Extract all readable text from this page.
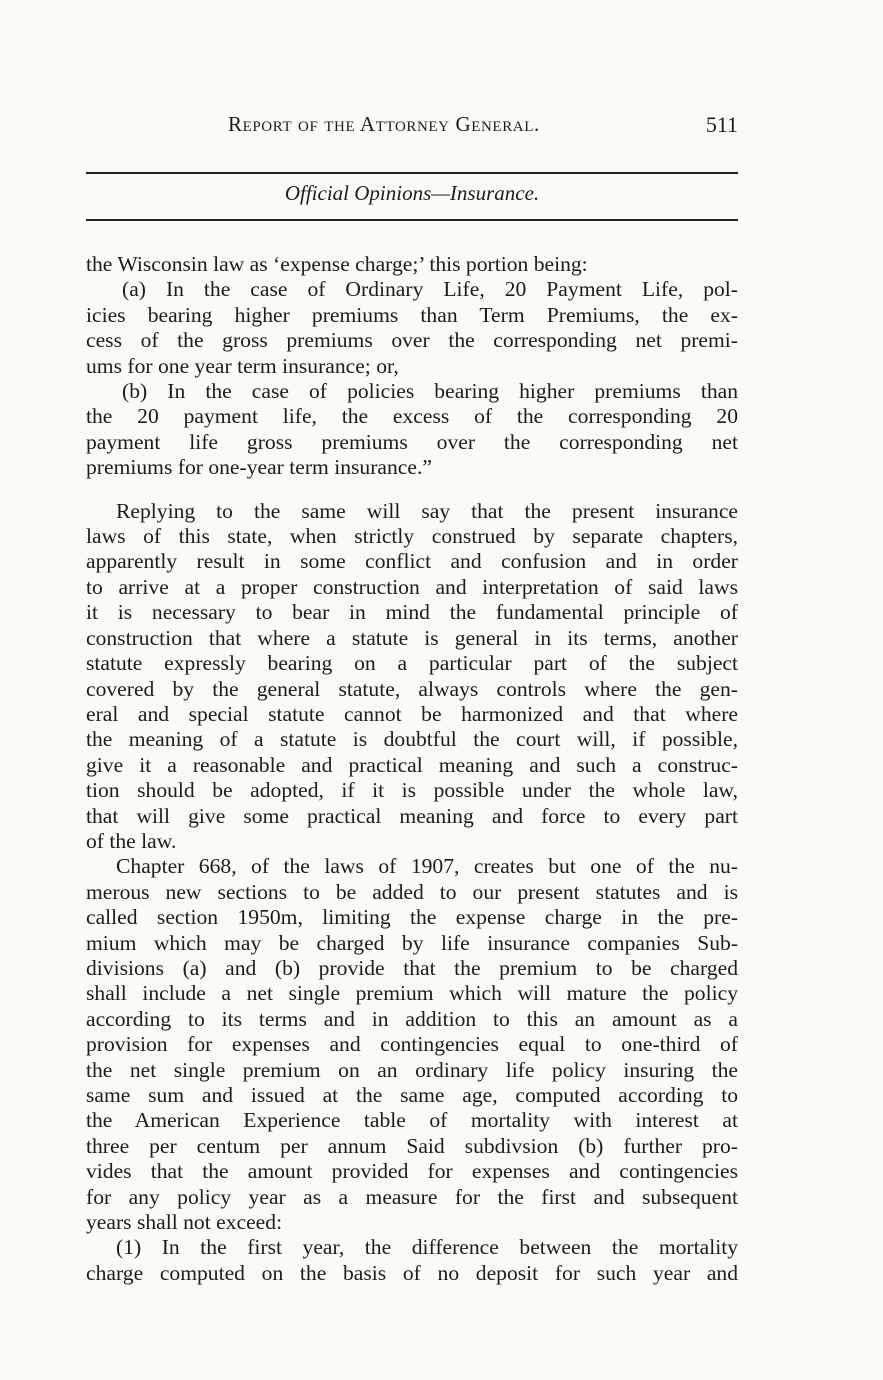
Report of the Attorney General.	511
Official Opinions—Insurance.

the Wisconsin law as ‘expense charge;’ this portion being:
(a) In the case of Ordinary Life, 20 Payment Life, pol-
icies bearing higher premiums than Term Premiums, the ex-
cess of the gross premiums over the corresponding net premi-
ums for one year term insurance; or,
(b) In the case of policies bearing higher premiums than
the 20 payment life, the excess of the corresponding 20
payment life gross premiums over the corresponding net
premiums for one-year term insurance.”

Replying to the same will say that the present insurance
laws of this state, when strictly construed by separate chapters,
apparently result in some conflict and confusion and in order
to arrive at a proper construction and interpretation of said laws
it is necessary to bear in mind the fundamental principle of
construction that where a statute is general in its terms, another
statute expressly bearing on a particular part of the subject
covered by the general statute, always controls where the gen-
eral and special statute cannot be harmonized and that where
the meaning of a statute is doubtful the court will, if possible,
give it a reasonable and practical meaning and such a construc-
tion should be adopted, if it is possible under the whole law,
that will give some practical meaning and force to every part
of the law.

Chapter 668, of the laws of 1907, creates but one of the nu-
merous new sections to be added to our present statutes and is
called section 1950m, limiting the expense charge in the pre-
mium which may be charged by life insurance companies Sub-
divisions (a) and (b) provide that the premium to be charged
shall include a net single premium which will mature the policy
according to its terms and in addition to this an amount as a
provision for expenses and contingencies equal to one-third of
the net single premium on an ordinary life policy insuring the
same sum and issued at the same age, computed according to
the American Experience table of mortality with interest at
three per centum per annum Said subdivsion (b) further pro-
vides that the amount provided for expenses and contingencies
for any policy year as a measure for the first and subsequent
years shall not exceed:

(1) In the first year, the difference between the mortality
charge computed on the basis of no deposit for such year and
